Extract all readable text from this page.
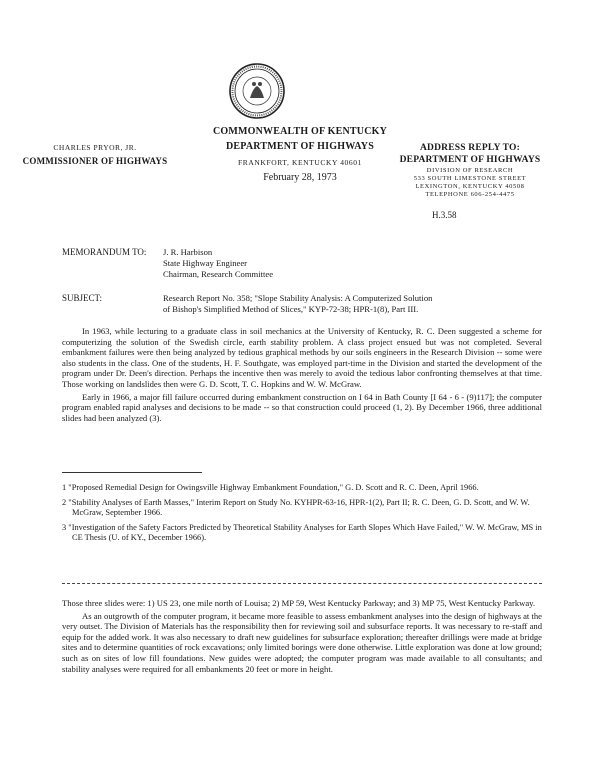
COMMONWEALTH OF KENTUCKY
DEPARTMENT OF HIGHWAYS
FRANKFORT, KENTUCKY 40601
February 28, 1973
CHARLES PRYOR, JR.
COMMISSIONER OF HIGHWAYS
ADDRESS REPLY TO:
DEPARTMENT OF HIGHWAYS
DIVISION OF RESEARCH
533 SOUTH LIMESTONE STREET
LEXINGTON, KENTUCKY 40508
TELEPHONE 606-254-4475
H.3.58
MEMORANDUM TO: J. R. Harbison
State Highway Engineer
Chairman, Research Committee
SUBJECT:	Research Report No. 358; "Slope Stability Analysis: A Computerized Solution
of Bishop's Simplified Method of Slices," KYP-72-38; HPR-1(8), Part III.

In 1963, while lecturing to a graduate class in soil mechanics at the University of Kentucky, R. C. Deen suggested a scheme for computerizing the solution of the Swedish circle, earth stability problem. A class project ensued but was not completed. Several embankment failures were then being analyzed by tedious graphical methods by our soils engineers in the Research Division -- some were also students in the class. One of the students, H. F. Southgate, was employed part-time in the Division and started the development of the program under Dr. Deen's direction. Perhaps the incentive then was merely to avoid the tedious labor confronting themselves at that time. Those working on landslides then were G. D. Scott, T. C. Hopkins and W. W. McGraw.

Early in 1966, a major fill failure occurred during embankment construction on I 64 in Bath County [I 64 - 6 - (9)117]; the computer program enabled rapid analyses and decisions to be made -- so that construction could proceed (1, 2). By December 1966, three additional slides had been analyzed (3).

1 "Proposed Remedial Design for Owingsville Highway Embankment Foundation," G. D. Scott and R. C. Deen, April 1966.

2 "Stability Analyses of Earth Masses," Interim Report on Study No. KYHPR-63-16, HPR-1(2), Part II; R. C. Deen, G. D. Scott, and W. W. McGraw, September 1966.

3 "Investigation of the Safety Factors Predicted by Theoretical Stability Analyses for Earth Slopes Which Have Failed," W. W. McGraw, MS in CE Thesis (U. of KY., December 1966).

Those three slides were: 1) US 23, one mile north of Louisa; 2) MP 59, West Kentucky Parkway; and 3) MP 75, West Kentucky Parkway.

As an outgrowth of the computer program, it became more feasible to assess embankment analyses into the design of highways at the very outset. The Division of Materials has the responsibility then for reviewing soil and subsurface reports. It was necessary to re-staff and equip for the added work. It was also necessary to draft new guidelines for subsurface exploration; thereafter drillings were made at bridge sites and to determine quantities of rock excavations; only limited borings were done otherwise. Little exploration was done at low ground; such as on sites of low fill foundations. New guides were adopted; the computer program was made available to all consultants; and stability analyses were required for all embankments 20 feet or more in height.
